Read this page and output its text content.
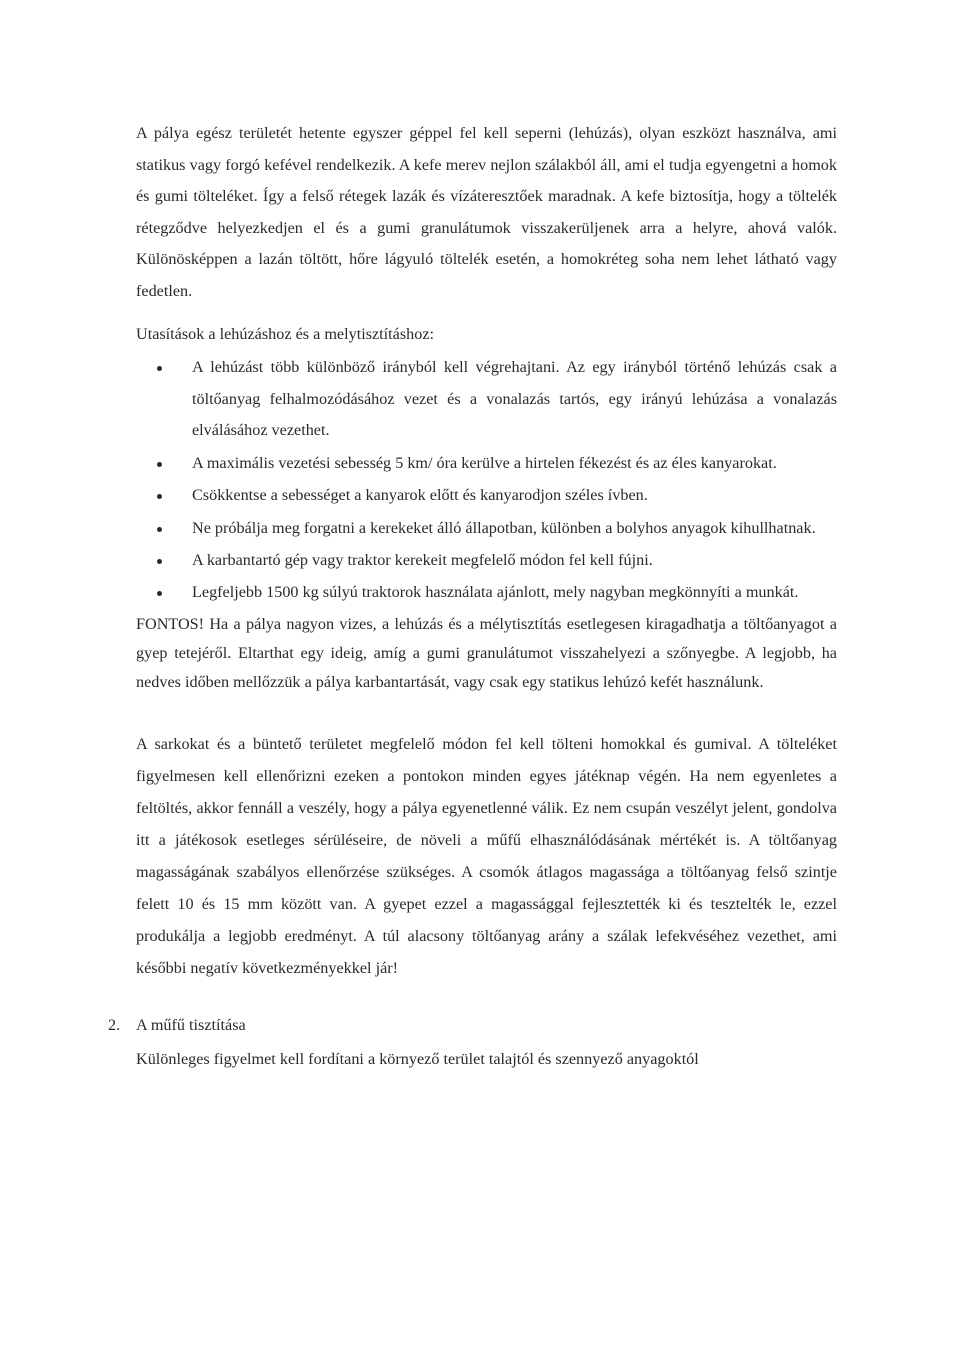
A pálya egész területét hetente egyszer géppel fel kell seperni (lehúzás), olyan eszközt használva, ami statikus vagy forgó kefével rendelkezik. A kefe merev nejlon szálakból áll, ami el tudja egyengetni a homok és gumi tölteléket. Így a felső rétegek lazák és vízáteresztőek maradnak. A kefe biztosítja, hogy a töltelék rétegződve helyezkedjen el és a gumi granulátumok visszakerüljenek arra a helyre, ahová valók. Különösképpen a lazán töltött, hőre lágyuló töltelék esetén, a homokréteg soha nem lehet látható vagy fedetlen.

Utasítások a lehúzáshoz és a melytisztításhoz:

A lehúzást több különböző irányból kell végrehajtani. Az egy irányból történő lehúzás csak a töltőanyag felhalmozódásához vezet és a vonalazás tartós, egy irányú lehúzása a vonalazás elválásához vezethet.
A maximális vezetési sebesség 5 km/ óra kerülve a hirtelen fékezést és az éles kanyarokat.
Csökkentse a sebességet a kanyarok előtt és kanyarodjon széles ívben.
Ne próbálja meg forgatni a kerekeket álló állapotban, különben a bolyhos anyagok kihullhatnak.
A karbantartó gép vagy traktor kerekeit megfelelő módon fel kell fújni.
Legfeljebb 1500 kg súlyú traktorok használata ajánlott, mely nagyban megkönnyíti a munkát.

FONTOS! Ha a pálya nagyon vizes, a lehúzás és a mélytisztítás esetlegesen kiragadhatja a töltőanyagot a gyep tetejéről. Eltarthat egy ideig, amíg a gumi granulátumot visszahelyezi a szőnyegbe. A legjobb, ha nedves időben mellőzzük a pálya karbantartását, vagy csak egy statikus lehúzó kefét használunk.

A sarkokat és a büntető területet megfelelő módon fel kell tölteni homokkal és gumival. A tölteléket figyelmesen kell ellenőrizni ezeken a pontokon minden egyes játéknap végén. Ha nem egyenletes a feltöltés, akkor fennáll a veszély, hogy a pálya egyenetlenné válik. Ez nem csupán veszélyt jelent, gondolva itt a játékosok esetleges sérüléseire, de növeli a műfű elhasználódásának mértékét is. A töltőanyag magasságának szabályos ellenőrzése szükséges. A csomók átlagos magassága a töltőanyag felső szintje felett 10 és 15 mm között van. A gyepet ezzel a magassággal fejlesztették ki és tesztelték le, ezzel produkálja a legjobb eredményt. A túl alacsony töltőanyag arány a szálak lefekvéséhez vezethet, ami későbbi negatív következményekkel jár!

2. A műfű tisztítása

Különleges figyelmet kell fordítani a környező terület talajtól és szennyező anyagoktól
